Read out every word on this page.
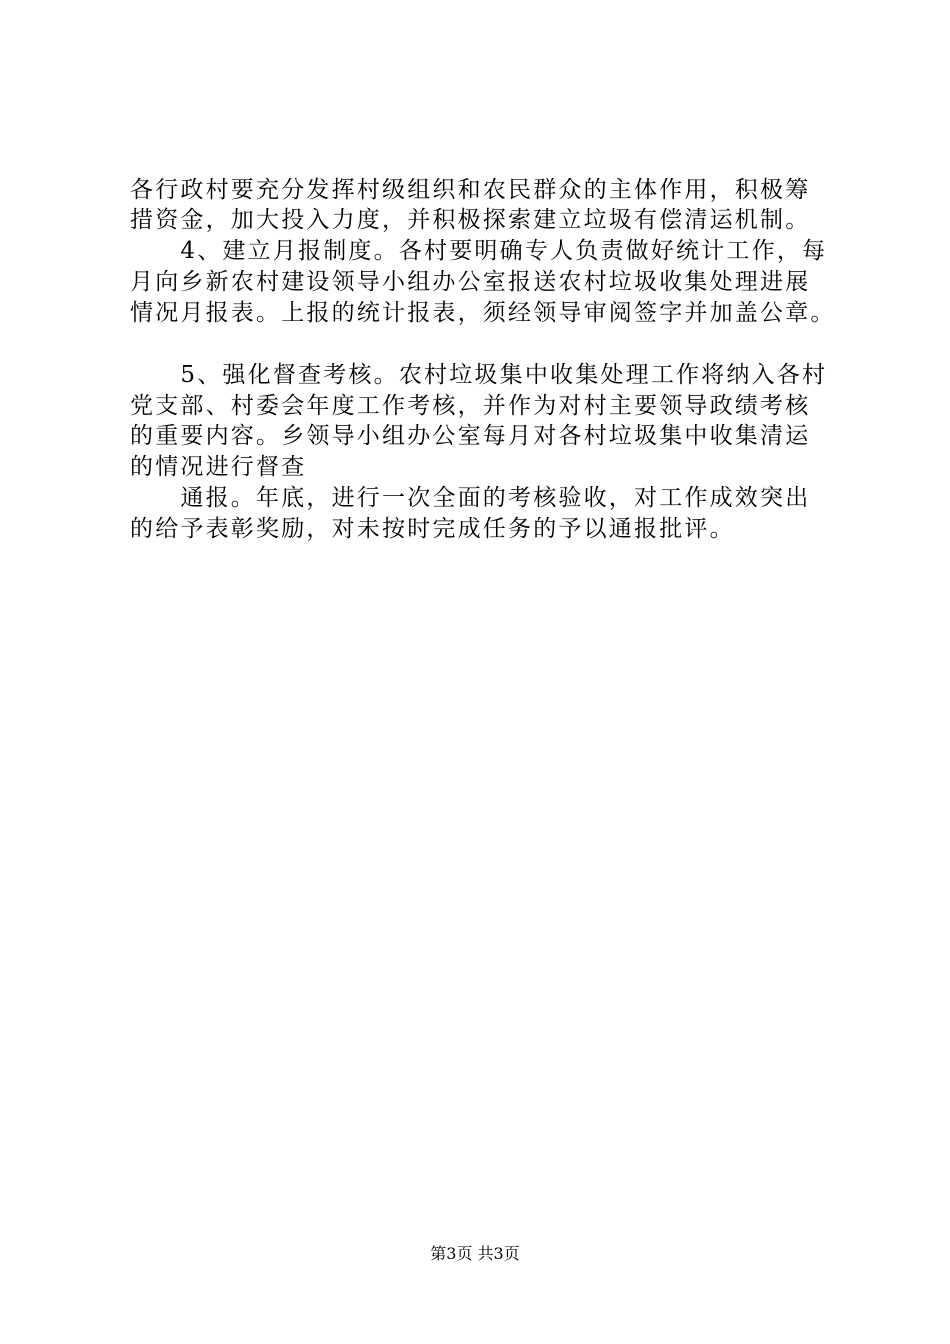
各行政村要充分发挥村级组织和农民群众的主体作用，积极筹
措资金，加大投入力度，并积极探索建立垃圾有偿清运机制。
　　4、建立月报制度。各村要明确专人负责做好统计工作，每
月向乡新农村建设领导小组办公室报送农村垃圾收集处理进展
情况月报表。上报的统计报表，须经领导审阅签字并加盖公章。
　　5、强化督查考核。农村垃圾集中收集处理工作将纳入各村
党支部、村委会年度工作考核，并作为对村主要领导政绩考核
的重要内容。乡领导小组办公室每月对各村垃圾集中收集清运
的情况进行督查
　　通报。年底，进行一次全面的考核验收，对工作成效突出
的给予表彰奖励，对未按时完成任务的予以通报批评。
第3页 共3页
